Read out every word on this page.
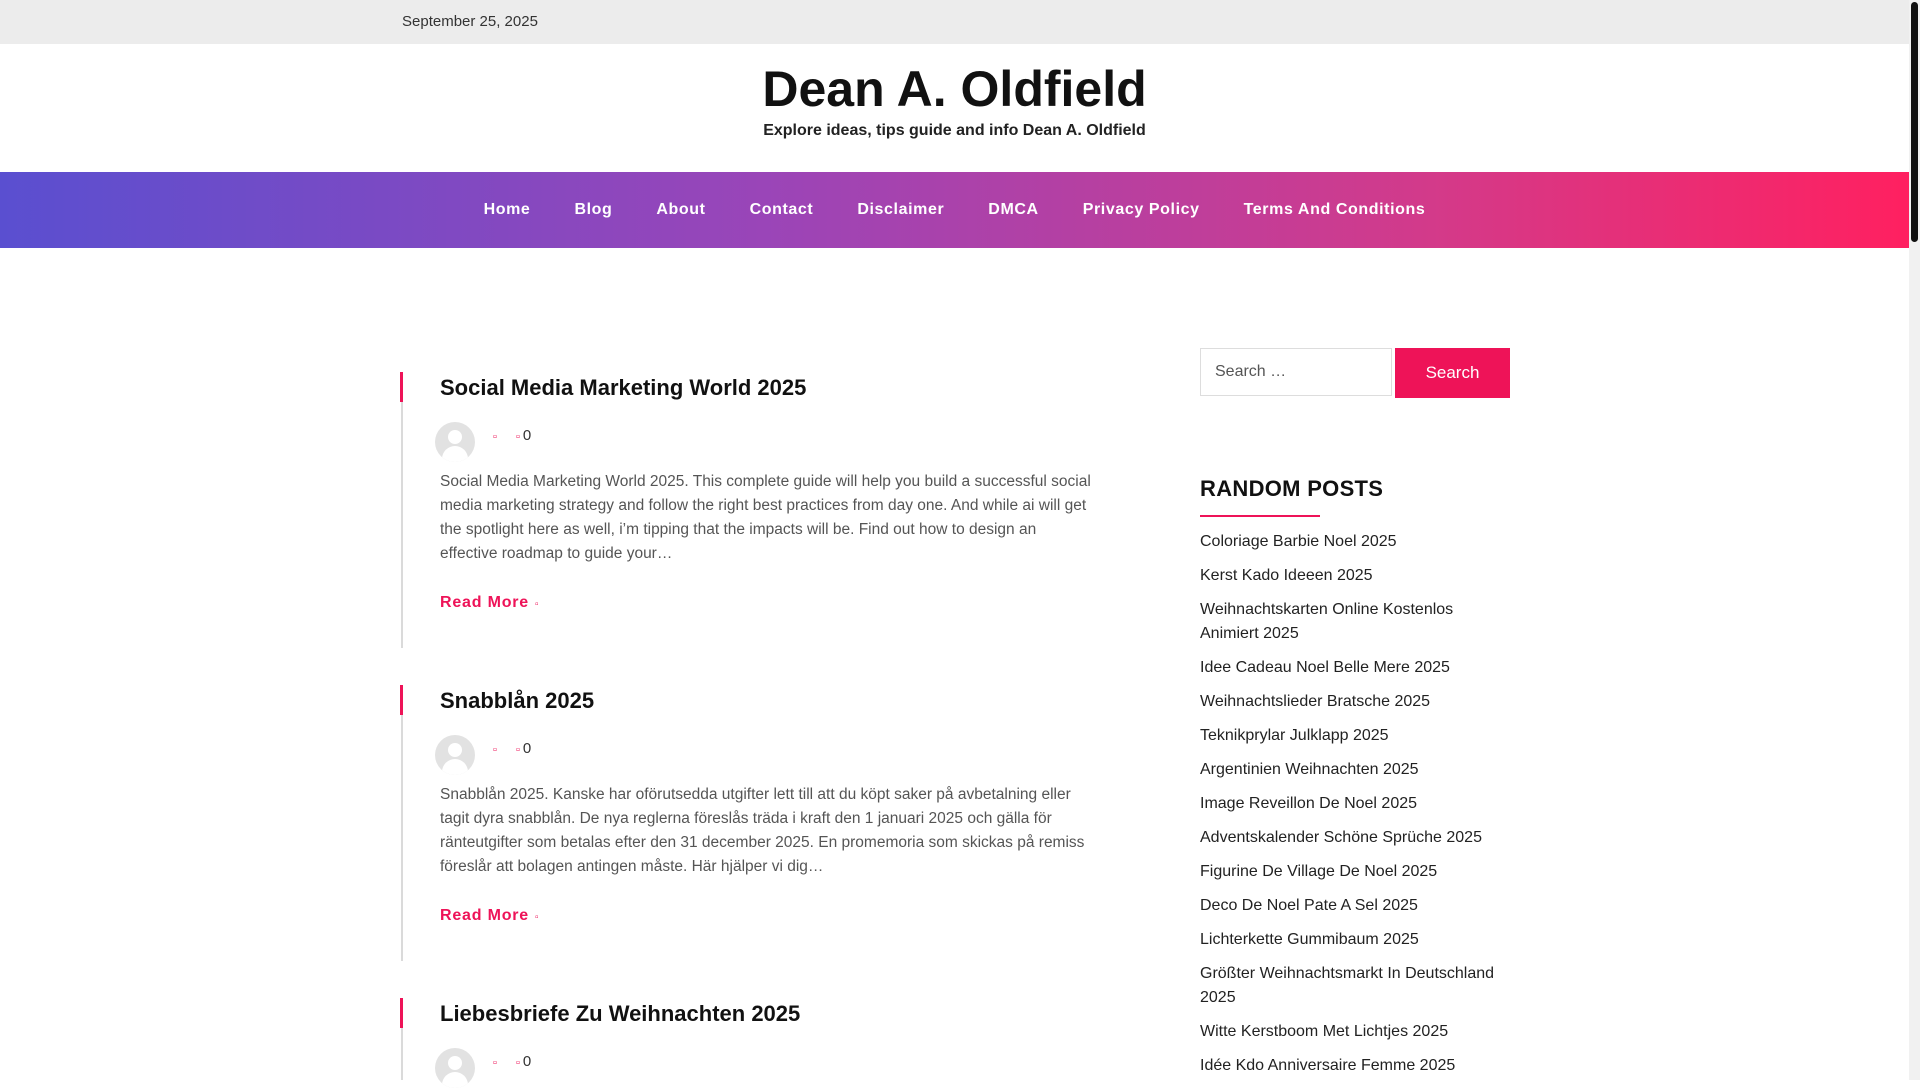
September 25, 2025
Dean A. Oldfield
Explore ideas, tips guide and info Dean A. Oldfield
Home	Blog	About	Contact	Disclaimer	DMCA	Privacy Policy	Terms And Conditions
Social Media Marketing World 2025
▫ ▫ 0

Social Media Marketing World 2025. This complete guide will help you build a successful social media marketing strategy and follow the right best practices from day one. And while ai will get the spotlight here as well, i’m tipping that the impacts will be. Find out how to design an effective roadmap to guide your…

Read More ▫
Snabblån 2025
▫ ▫ 0

Snabblån 2025. Kanske har oförutsedda utgifter lett till att du köpt saker på avbetalning eller tagit dyra snabblån. De nya reglerna föreslås träda i kraft den 1 januari 2025 och gälla för ränteutgifter som betalas efter den 31 december 2025. En promemoria som skickas på remiss föreslår att bolagen antingen måste. Här hjälper vi dig…

Read More ▫
Liebesbriefe Zu Weihnachten 2025
▫ ▫ 0
Search …	Search
RANDOM POSTS
Coloriage Barbie Noel 2025
Kerst Kado Ideeen 2025
Weihnachtskarten Online Kostenlos Animiert 2025
Idee Cadeau Noel Belle Mere 2025
Weihnachtslieder Bratsche 2025
Teknikprylar Julklapp 2025
Argentinien Weihnachten 2025
Image Reveillon De Noel 2025
Adventskalender Schöne Sprüche 2025
Figurine De Village De Noel 2025
Deco De Noel Pate A Sel 2025
Lichterkette Gummibaum 2025
Größter Weihnachtsmarkt In Deutschland 2025
Witte Kerstboom Met Lichtjes 2025
Idée Kdo Anniversaire Femme 2025
